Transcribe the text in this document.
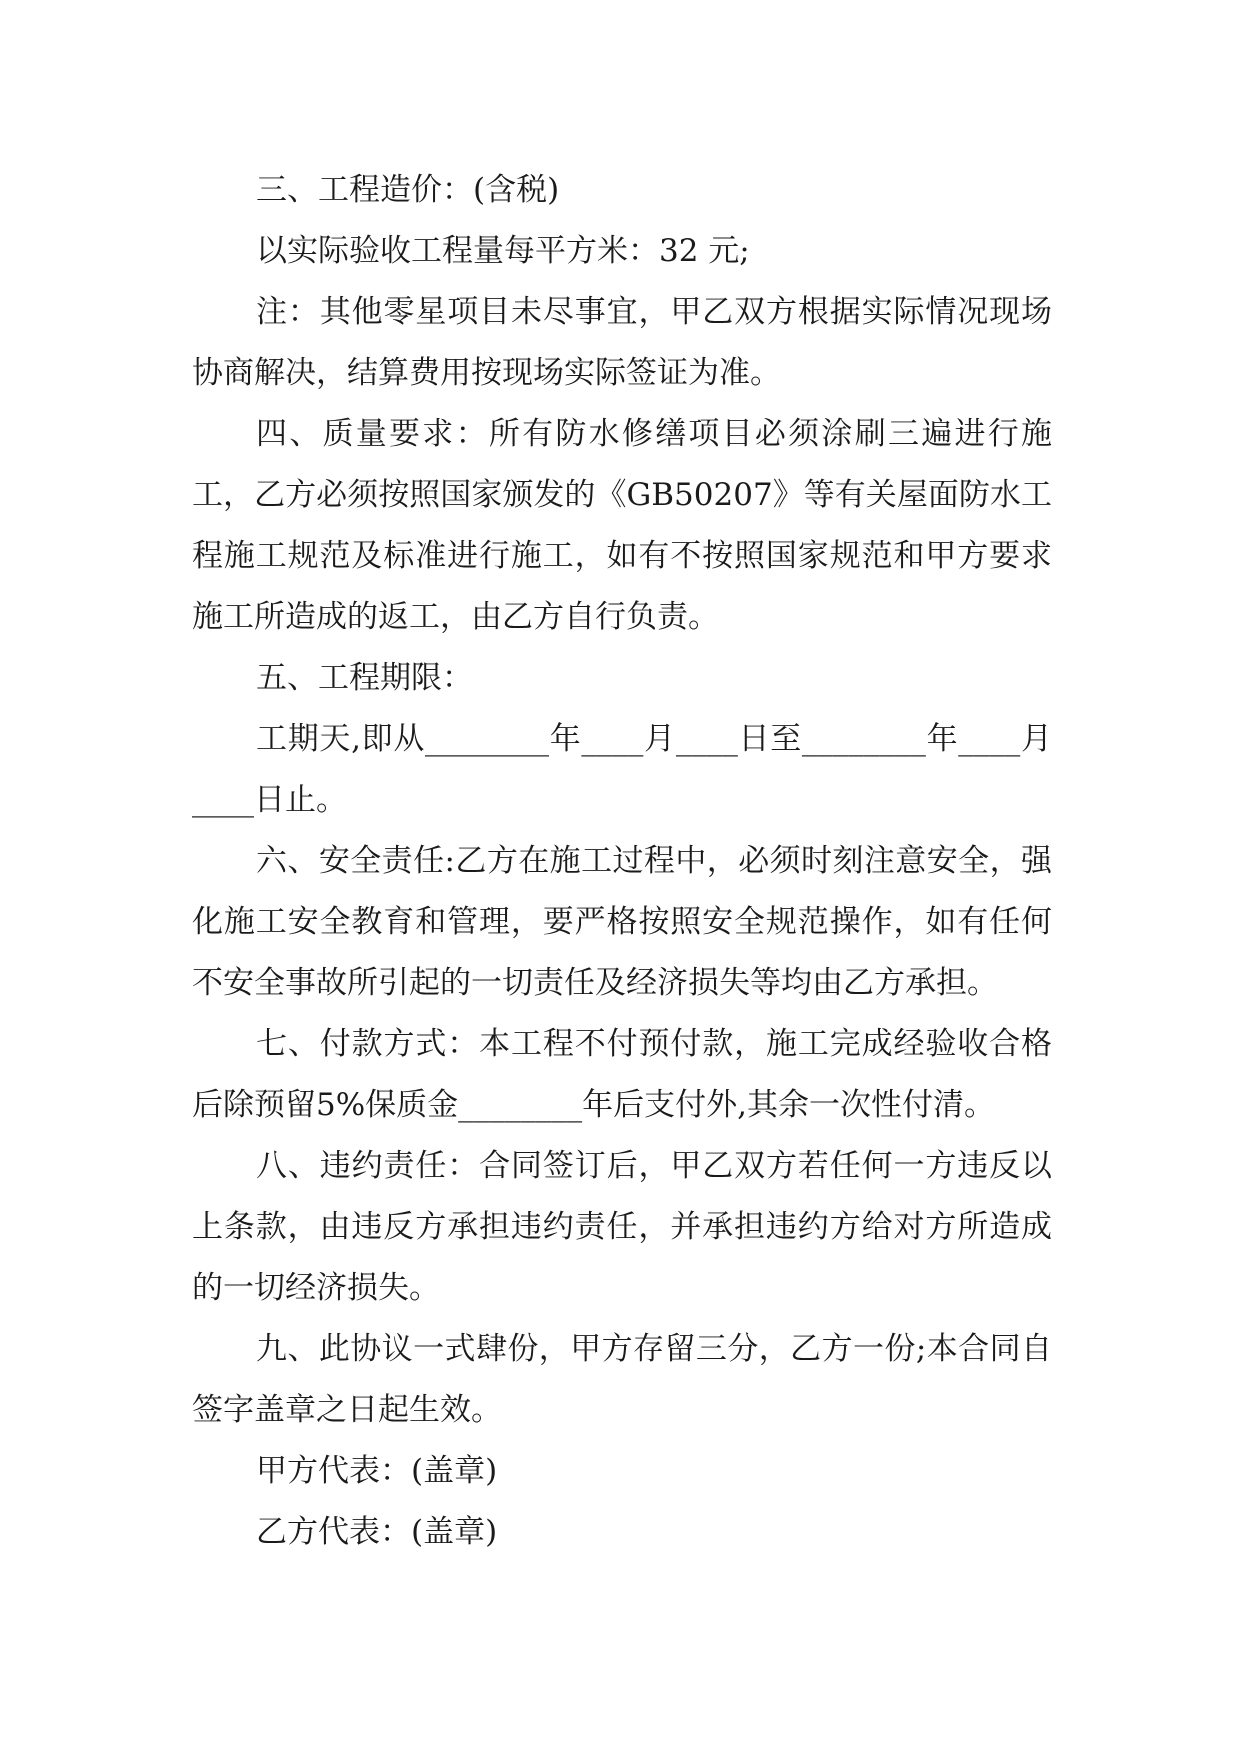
三、工程造价：(含税)

以实际验收工程量每平方米：32 元;

注：其他零星项目未尽事宜，甲乙双方根据实际情况现场协商解决，结算费用按现场实际签证为准。

四、质量要求：所有防水修缮项目必须涂刷三遍进行施工，乙方必须按照国家颁发的《GB50207》等有关屋面防水工程施工规范及标准进行施工，如有不按照国家规范和甲方要求施工所造成的返工，由乙方自行负责。

五、工程期限：

工期天,即从________年____月____日至________年____月____日止。

六、安全责任:乙方在施工过程中，必须时刻注意安全，强化施工安全教育和管理，要严格按照安全规范操作，如有任何不安全事故所引起的一切责任及经济损失等均由乙方承担。

七、付款方式：本工程不付预付款，施工完成经验收合格后除预留5%保质金________年后支付外,其余一次性付清。

八、违约责任：合同签订后，甲乙双方若任何一方违反以上条款，由违反方承担违约责任，并承担违约方给对方所造成的一切经济损失。

九、此协议一式肆份，甲方存留三分，乙方一份;本合同自签字盖章之日起生效。

甲方代表：(盖章)

乙方代表：(盖章)
